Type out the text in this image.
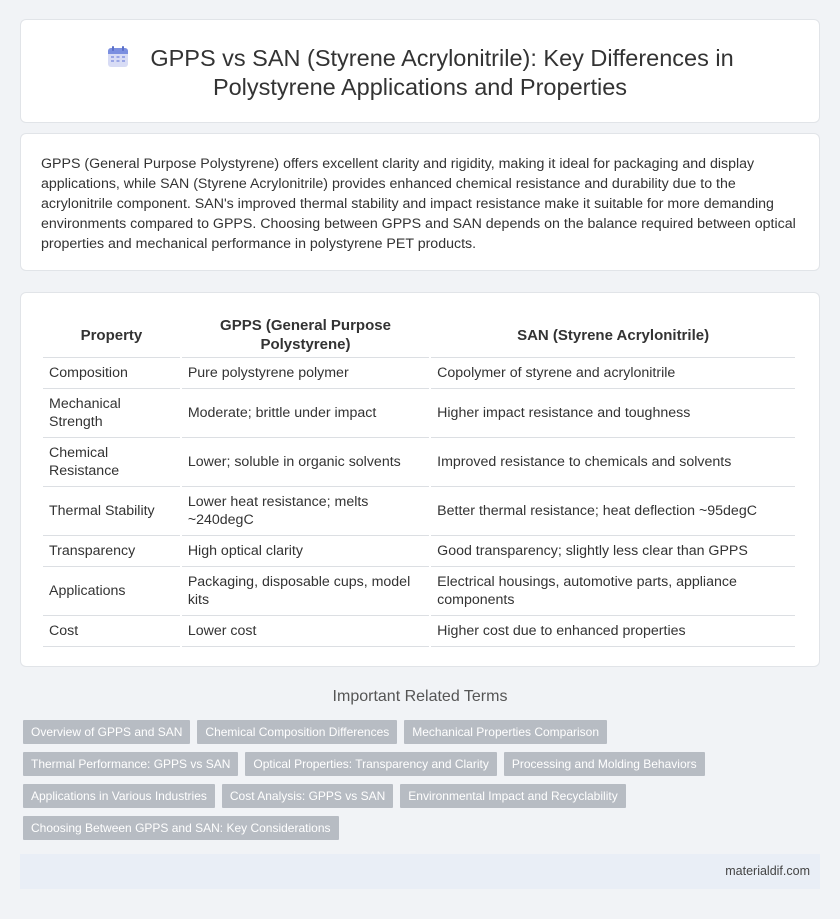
GPPS vs SAN (Styrene Acrylonitrile): Key Differences in Polystyrene Applications and Properties

GPPS (General Purpose Polystyrene) offers excellent clarity and rigidity, making it ideal for packaging and display applications, while SAN (Styrene Acrylonitrile) provides enhanced chemical resistance and durability due to the acrylonitrile component. SAN's improved thermal stability and impact resistance make it suitable for more demanding environments compared to GPPS. Choosing between GPPS and SAN depends on the balance required between optical properties and mechanical performance in polystyrene PET products.

Property	GPPS (General Purpose Polystyrene)	SAN (Styrene Acrylonitrile)
Composition	Pure polystyrene polymer	Copolymer of styrene and acrylonitrile
Mechanical Strength	Moderate; brittle under impact	Higher impact resistance and toughness
Chemical Resistance	Lower; soluble in organic solvents	Improved resistance to chemicals and solvents
Thermal Stability	Lower heat resistance; melts ~240degC	Better thermal resistance; heat deflection ~95degC
Transparency	High optical clarity	Good transparency; slightly less clear than GPPS
Applications	Packaging, disposable cups, model kits	Electrical housings, automotive parts, appliance components
Cost	Lower cost	Higher cost due to enhanced properties
Important Related Terms
Overview of GPPS and SAN	Chemical Composition Differences	Mechanical Properties Comparison
Thermal Performance: GPPS vs SAN	Optical Properties: Transparency and Clarity	Processing and Molding Behaviors
Applications in Various Industries	Cost Analysis: GPPS vs SAN	Environmental Impact and Recyclability
Choosing Between GPPS and SAN: Key Considerations
materialdif.com
